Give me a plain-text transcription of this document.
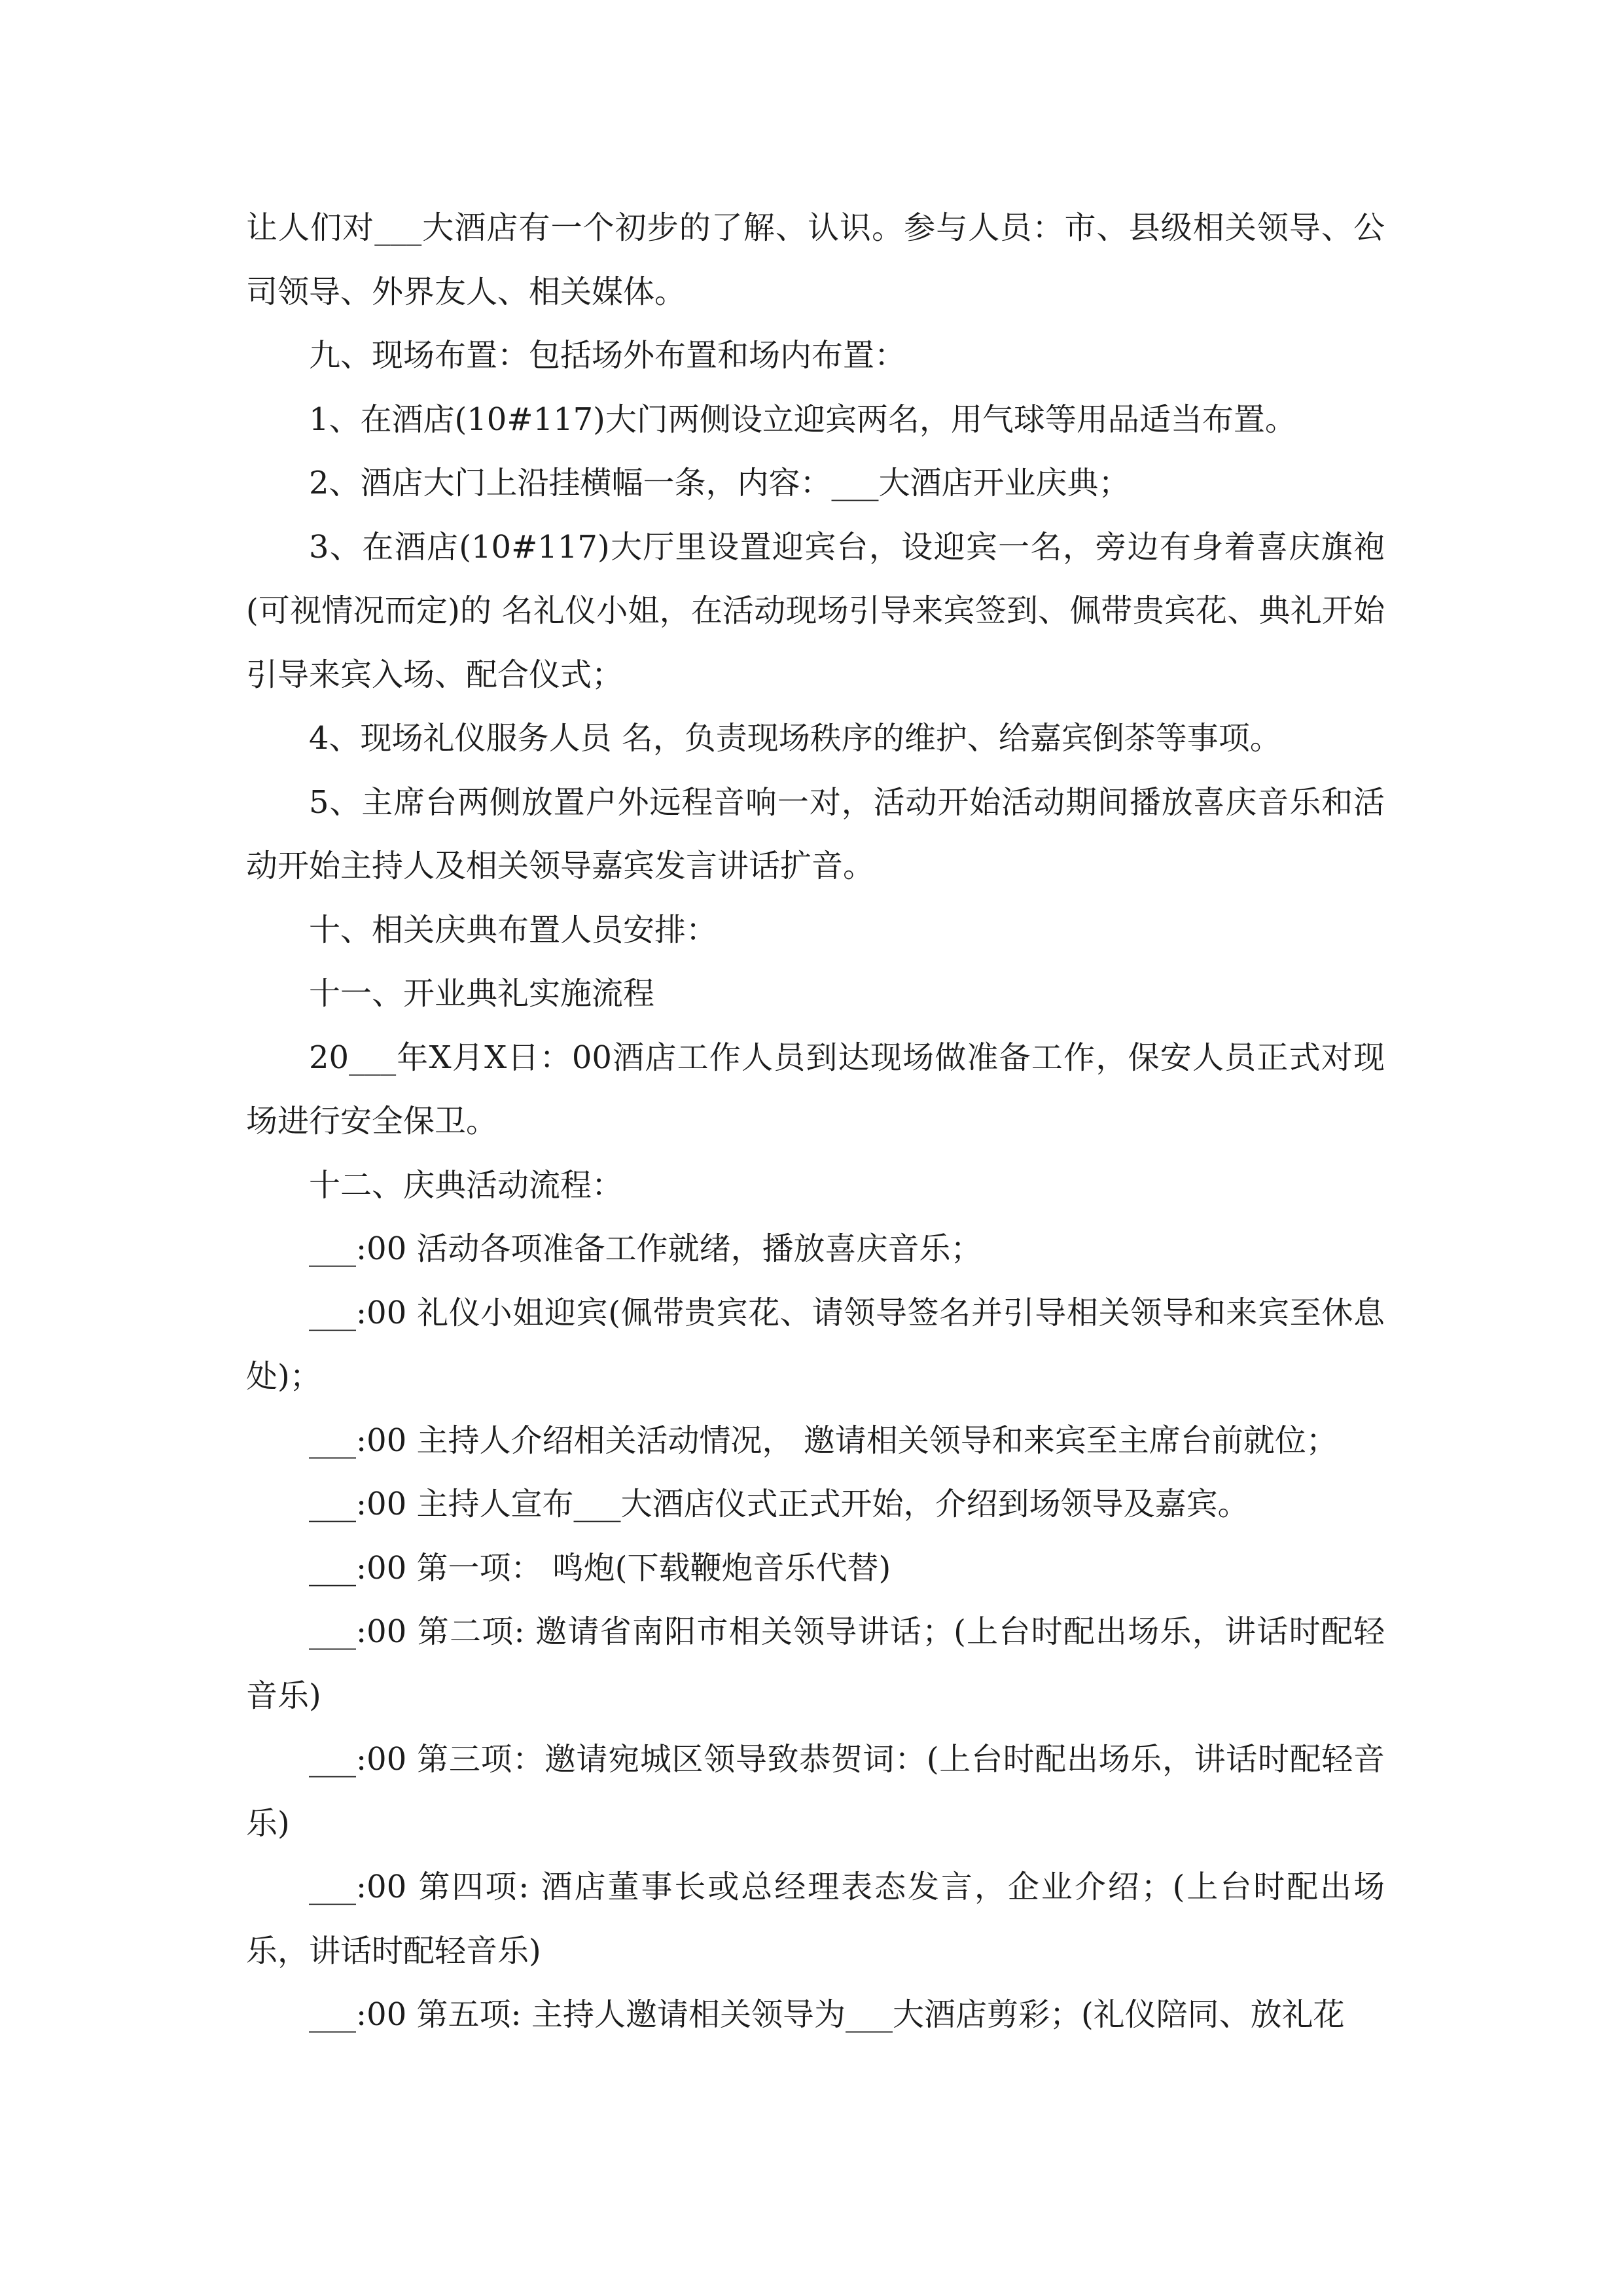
让人们对___大酒店有一个初步的了解、认识。参与人员：市、县级相关领导、公司领导、外界友人、相关媒体。

九、现场布置：包括场外布置和场内布置：

1、在酒店(10#117)大门两侧设立迎宾两名，用气球等用品适当布置。

2、酒店大门上沿挂横幅一条，内容：___大酒店开业庆典；

3、在酒店(10#117)大厅里设置迎宾台，设迎宾一名，旁边有身着喜庆旗袍(可视情况而定)的 名礼仪小姐，在活动现场引导来宾签到、佩带贵宾花、典礼开始引导来宾入场、配合仪式；

4、现场礼仪服务人员 名，负责现场秩序的维护、给嘉宾倒茶等事项。

5、主席台两侧放置户外远程音响一对，活动开始活动期间播放喜庆音乐和活动开始主持人及相关领导嘉宾发言讲话扩音。

十、相关庆典布置人员安排：

十一、开业典礼实施流程

20___年X月X日：00酒店工作人员到达现场做准备工作，保安人员正式对现场进行安全保卫。

十二、庆典活动流程：

___:00 活动各项准备工作就绪，播放喜庆音乐；

___:00 礼仪小姐迎宾(佩带贵宾花、请领导签名并引导相关领导和来宾至休息处)；

___:00 主持人介绍相关活动情况， 邀请相关领导和来宾至主席台前就位；

___:00 主持人宣布___大酒店仪式正式开始，介绍到场领导及嘉宾。

___:00 第一项： 鸣炮(下载鞭炮音乐代替)

___:00 第二项: 邀请省南阳市相关领导讲话；(上台时配出场乐，讲话时配轻音乐)

___:00 第三项：邀请宛城区领导致恭贺词：(上台时配出场乐，讲话时配轻音乐)

___:00 第四项: 酒店董事长或总经理表态发言，企业介绍；(上台时配出场乐，讲话时配轻音乐)

___:00 第五项: 主持人邀请相关领导为___大酒店剪彩；(礼仪陪同、放礼花
